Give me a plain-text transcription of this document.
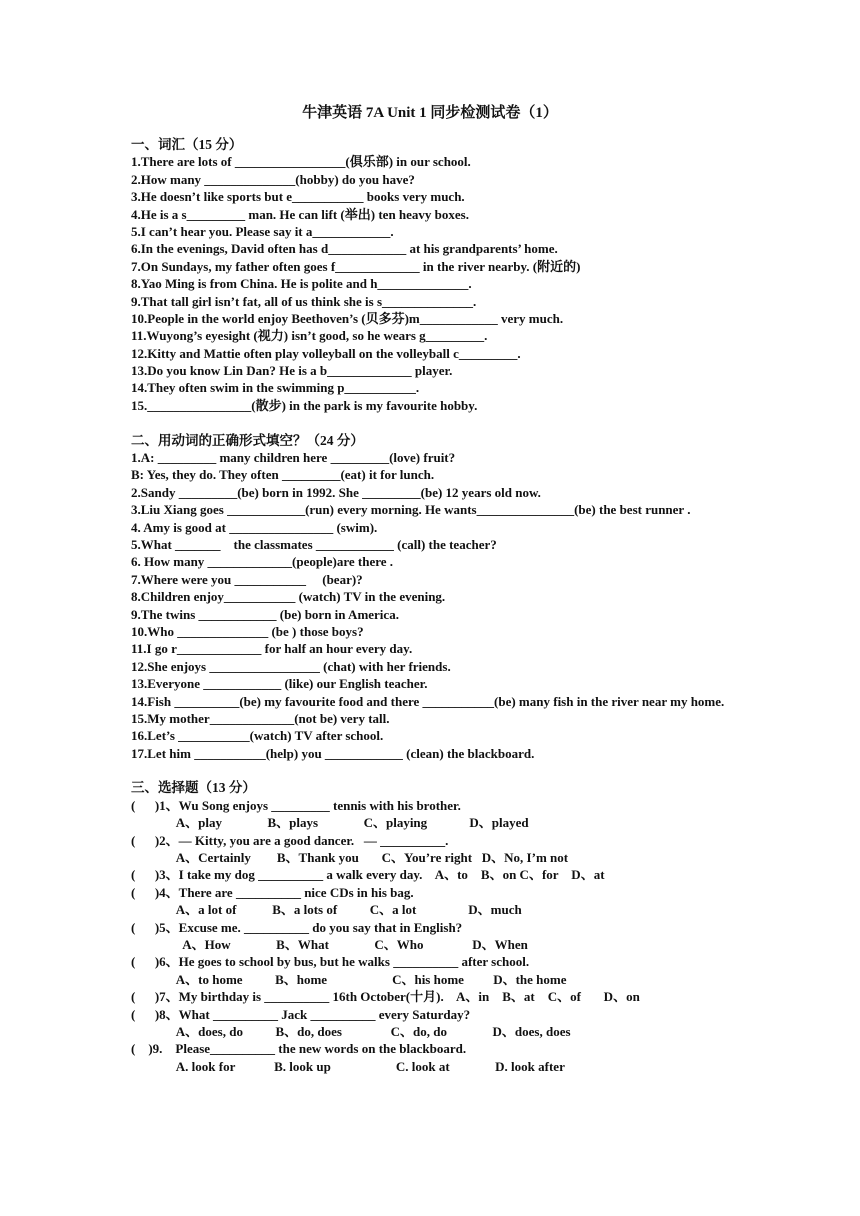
牛津英语 7A Unit 1 同步检测试卷（1）
一、词汇（15 分）
1.There are lots of _________________(俱乐部) in our school.
2.How many ______________(hobby) do you have?
3.He doesn’t like sports but e___________ books very much.
4.He is a s_________ man. He can lift (举出) ten heavy boxes.
5.I can’t hear you. Please say it a____________.
6.In the evenings, David often has d____________ at his grandparents’ home.
7.On Sundays, my father often goes f_____________ in the river nearby. (附近的)
8.Yao Ming is from China. He is polite and h______________.
9.That tall girl isn’t fat, all of us think she is s______________.
10.People in the world enjoy Beethoven’s (贝多芬)m____________ very much.
11.Wuyong’s eyesight (视力) isn’t good, so he wears g_________.
12.Kitty and Mattie often play volleyball on the volleyball c_________.
13.Do you know Lin Dan? He is a b_____________ player.
14.They often swim in the swimming p___________.
15.________________(散步) in the park is my favourite hobby.
二、用动词的正确形式填空？（24 分）
1.A: _________ many children here _________(love) fruit?
B: Yes, they do. They often _________(eat) it for lunch.
2.Sandy _________(be) born in 1992. She _________(be) 12 years old now.
3.Liu Xiang goes ____________(run) every morning. He wants_______________(be) the best runner .
4. Amy is good at ________________ (swim).
5.What _______    the classmates ____________ (call) the teacher?
6. How many _____________(people)are there .
7.Where were you ___________     (bear)?
8.Children enjoy___________ (watch) TV in the evening.
9.The twins ____________ (be) born in America.
10.Who ______________ (be ) those boys?
11.I go r_____________ for half an hour every day.
12.She enjoys _________________ (chat) with her friends.
13.Everyone ____________ (like) our English teacher.
14.Fish __________(be) my favourite food and there ___________(be) many fish in the river near my home.
15.My mother_____________(not be) very tall.
16.Let’s ___________(watch) TV after school.
17.Let him ___________(help) you ____________ (clean) the blackboard.
三、选择题（13 分）
(      )1、Wu Song enjoys _________ tennis with his brother.
A、play              B、plays              C、playing             D、played
(      )2、— Kitty, you are a good dancer.   — __________.
A、Certainly        B、Thank you       C、You’re right   D、No, I’m not
(      )3、I take my dog __________ a walk every day.    A、to    B、on C、for    D、at
(      )4、There are __________ nice CDs in his bag.
A、a lot of           B、a lots of          C、a lot                D、much
(      )5、Excuse me. __________ do you say that in English?
A、How              B、What              C、Who               D、When
(      )6、He goes to school by bus, but he walks __________ after school.
A、to home          B、home                    C、his home         D、the home
(      )7、My birthday is __________ 16th October(十月).    A、in    B、at    C、of       D、on
(      )8、What __________ Jack __________ every Saturday?
A、does, do          B、do, does               C、do, do              D、does, does
(    )9.    Please__________ the new words on the blackboard.
A. look for            B. look up                    C. look at              D. look after
